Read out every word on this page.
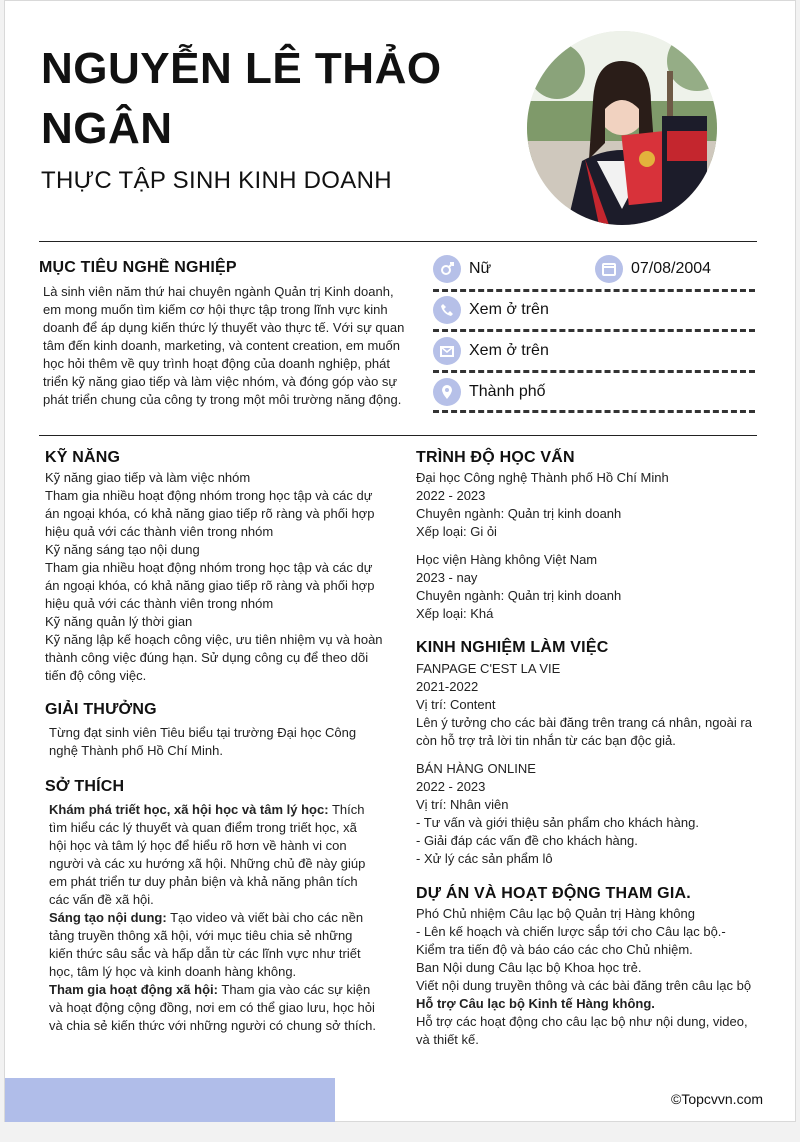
NGUYỄN LÊ THẢO NGÂN
THỰC TẬP SINH KINH DOANH
MỤC TIÊU NGHỀ NGHIỆP
Là sinh viên năm thứ hai chuyên ngành Quản trị Kinh doanh, em mong muốn tìm kiếm cơ hội thực tập trong lĩnh vực kinh doanh để áp dụng kiến thức lý thuyết vào thực tế. Với sự quan tâm đến kinh doanh, marketing, và content creation, em muốn học hỏi thêm về quy trình hoạt động của doanh nghiệp, phát triển kỹ năng giao tiếp và làm việc nhóm, và đóng góp vào sự phát triển chung của công ty trong một môi trường năng động.
Nữ	07/08/2004
Xem ở trên
Xem ở trên
Thành phố
KỸ NĂNG

Kỹ năng giao tiếp và làm việc nhóm

Tham gia nhiều hoạt động nhóm trong học tập và các dự án ngoại khóa, có khả năng giao tiếp rõ ràng và phối hợp hiệu quả với các thành viên trong nhóm

Kỹ năng sáng tạo nội dung

Tham gia nhiều hoạt động nhóm trong học tập và các dự án ngoại khóa, có khả năng giao tiếp rõ ràng và phối hợp hiệu quả với các thành viên trong nhóm

Kỹ năng quản lý thời gian

Kỹ năng lập kế hoạch công việc, ưu tiên nhiệm vụ và hoàn thành công việc đúng hạn. Sử dụng công cụ để theo dõi tiến độ công việc.

GIẢI THƯỞNG
Từng đạt sinh viên Tiêu biểu tại trường Đại học Công nghệ Thành phố Hồ Chí Minh.
SỞ THÍCH

Khám phá triết học, xã hội học và tâm lý học: Thích tìm hiểu các lý thuyết và quan điểm trong triết học, xã hội học và tâm lý học để hiểu rõ hơn về hành vi con người và các xu hướng xã hội. Những chủ đề này giúp em phát triển tư duy phản biện và khả năng phân tích các vấn đề xã hội.

Sáng tạo nội dung: Tạo video và viết bài cho các nền tảng truyền thông xã hội, với mục tiêu chia sẻ những kiến thức sâu sắc và hấp dẫn từ các lĩnh vực như triết học, tâm lý học và kinh doanh hàng không.

Tham gia hoạt động xã hội: Tham gia vào các sự kiện và hoạt động cộng đồng, nơi em có thể giao lưu, học hỏi và chia sẻ kiến thức với những người có chung sở thích.

TRÌNH ĐỘ HỌC VẤN

Đại học Công nghệ Thành phố Hồ Chí Minh

2022 - 2023

Chuyên ngành: Quản trị kinh doanh

Xếp loại: Gi ỏi

Học viện Hàng không Việt Nam

2023 - nay

Chuyên ngành: Quản trị kinh doanh

Xếp loại: Khá

KINH NGHIỆM LÀM VIỆC

FANPAGE C'EST LA VIE

2021-2022

Vị trí: Content

Lên ý tưởng cho các bài đăng trên trang cá nhân, ngoài ra còn hỗ trợ trả lời tin nhắn từ các bạn độc giả.

BÁN HÀNG ONLINE

2022 - 2023

Vị trí: Nhân viên

- Tư vấn và giới thiệu sản phẩm cho khách hàng.

- Giải đáp các vấn đề cho khách hàng.

- Xử lý các sản phẩm lô

DỰ ÁN VÀ HOẠT ĐỘNG THAM GIA.

Phó Chủ nhiệm Câu lạc bộ Quản trị Hàng không

- Lên kế hoạch và chiến lược sắp tới cho Câu lạc bộ.- Kiểm tra tiến độ và báo cáo các cho Chủ nhiệm.

Ban Nội dung Câu lạc bộ Khoa học trẻ.

Viết nội dung truyền thông và các bài đăng trên câu lạc bộ

Hỗ trợ Câu lạc bộ Kinh tế Hàng không.

Hỗ trợ các hoạt động cho câu lạc bộ như nội dung, video, và thiết kế.

©Topcvvn.com
